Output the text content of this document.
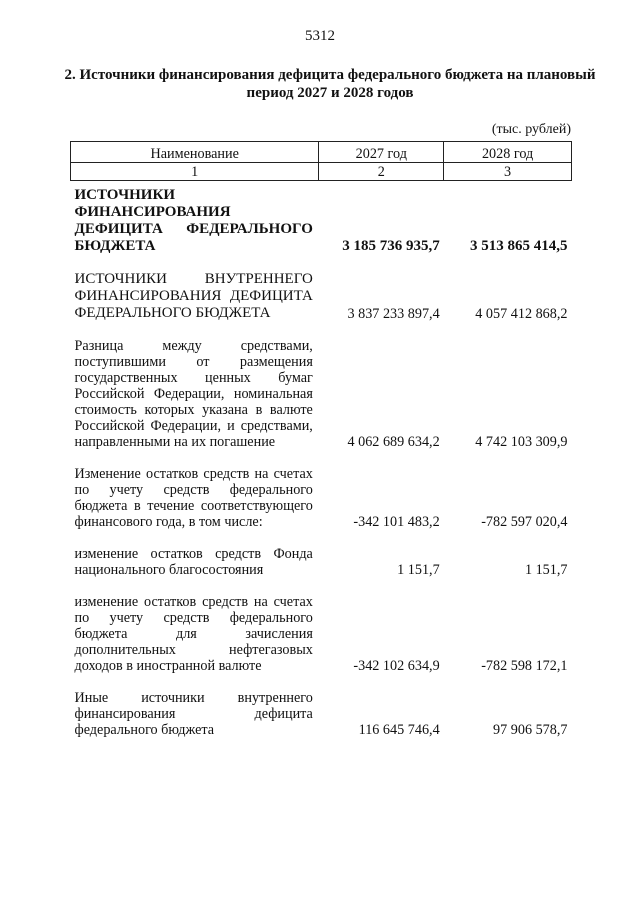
5312
2. Источники финансирования дефицита федерального бюджета на плановый период 2027 и 2028 годов
(тыс. рублей)
Наименование	2027 год	2028 год
1	2	3
ИСТОЧНИКИ ФИНАНСИРОВАНИЯ ДЕФИЦИТА ФЕДЕРАЛЬНОГО БЮДЖЕТА	3 185 736 935,7	3 513 865 414,5
ИСТОЧНИКИ ВНУТРЕННЕГО ФИНАНСИРОВАНИЯ ДЕФИЦИТА ФЕДЕРАЛЬНОГО БЮДЖЕТА	3 837 233 897,4	4 057 412 868,2
Разница между средствами, поступившими от размещения государственных ценных бумаг Российской Федерации, номинальная стоимость которых указана в валюте Российской Федерации, и средствами, направленными на их погашение	4 062 689 634,2	4 742 103 309,9
Изменение остатков средств на счетах по учету средств федерального бюджета в течение соответствующего финансового года, в том числе:	-342 101 483,2	-782 597 020,4
изменение остатков средств Фонда национального благосостояния	1 151,7	1 151,7
изменение остатков средств на счетах по учету средств федерального бюджета для зачисления дополнительных нефтегазовых доходов в иностранной валюте	-342 102 634,9	-782 598 172,1
Иные источники внутреннего финансирования дефицита федерального бюджета	116 645 746,4	97 906 578,7
